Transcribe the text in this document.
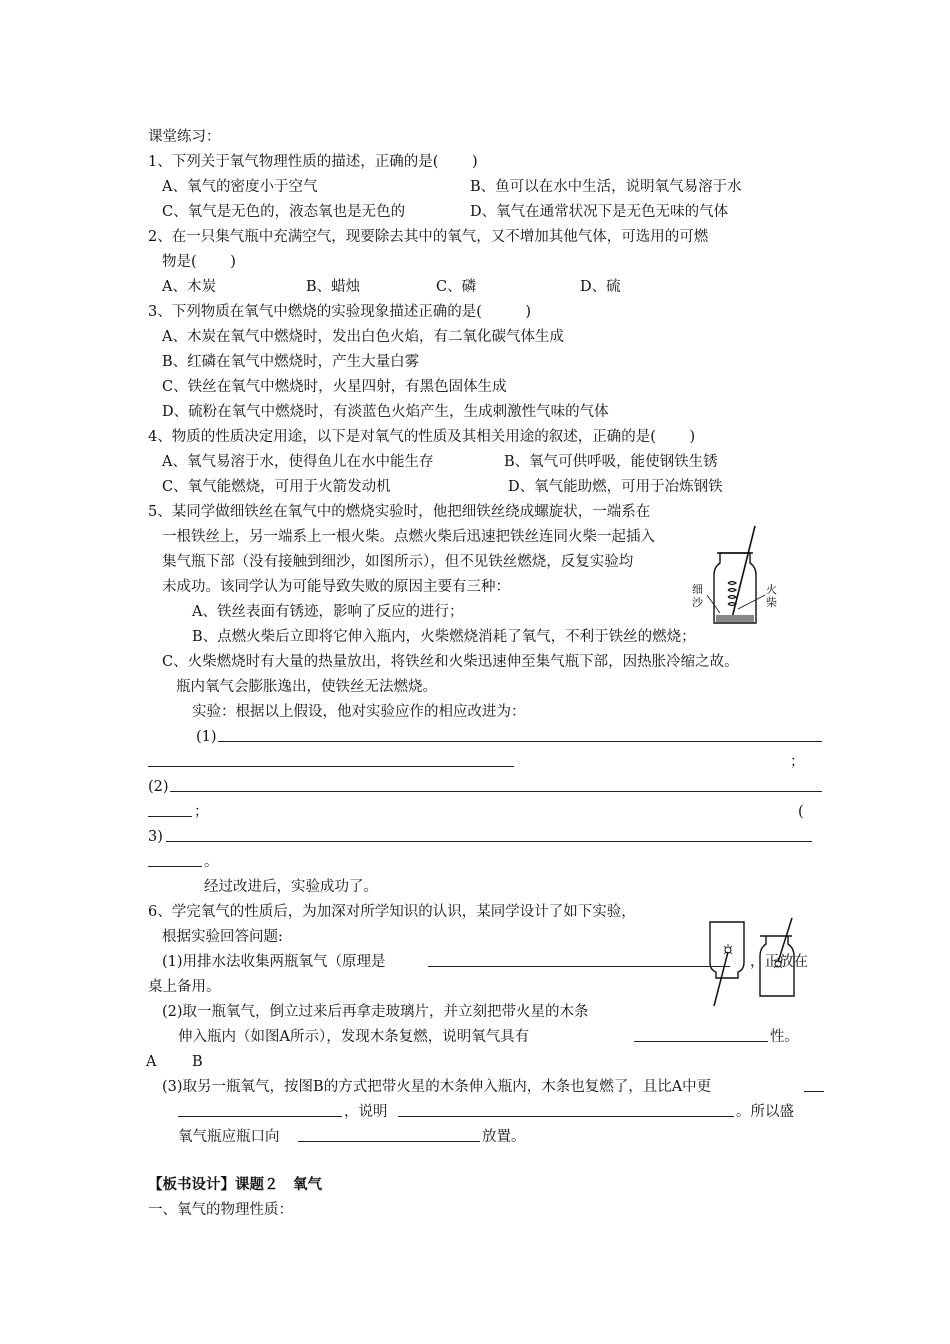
课堂练习：
1、下列关于氧气物理性质的描述，正确的是(　　 )
A、氧气的密度小于空气	B、鱼可以在水中生活，说明氧气易溶于水
C、氧气是无色的，液态氧也是无色的	D、氧气在通常状况下是无色无味的气体
2、在一只集气瓶中充满空气，现要除去其中的氧气，又不增加其他气体，可选用的可燃
物是(　　 )
A、木炭	B、蜡烛	C、磷	D、硫
3、下列物质在氧气中燃烧的实验现象描述正确的是(　　　)
A、木炭在氧气中燃烧时，发出白色火焰，有二氧化碳气体生成
B、红磷在氧气中燃烧时，产生大量白雾
C、铁丝在氧气中燃烧时，火星四射，有黑色固体生成
D、硫粉在氧气中燃烧时，有淡蓝色火焰产生，生成刺激性气味的气体
4、物质的性质决定用途，以下是对氧气的性质及其相关用途的叙述，正确的是(　　 )
A、氧气易溶于水，使得鱼儿在水中能生存	B、氧气可供呼吸，能使钢铁生锈
C、氧气能燃烧，可用于火箭发动机	D、氧气能助燃，可用于冶炼钢铁
5、某同学做细铁丝在氧气中的燃烧实验时，他把细铁丝绕成螺旋状，一端系在
一根铁丝上，另一端系上一根火柴。点燃火柴后迅速把铁丝连同火柴一起插入
集气瓶下部（没有接触到细沙，如图所示），但不见铁丝燃烧，反复实验均
未成功。该同学认为可能导致失败的原因主要有三种：
A、铁丝表面有锈迹，影响了反应的进行；
B、点燃火柴后立即将它伸入瓶内，火柴燃烧消耗了氧气，不利于铁丝的燃烧；
C、火柴燃烧时有大量的热量放出，将铁丝和火柴迅速伸至集气瓶下部，因热胀冷缩之故。
瓶内氧气会膨胀逸出，使铁丝无法燃烧。
实验：根据以上假设，他对实验应作的相应改进为：
细沙
火柴
(1)
；
(2)
；	(
3)
。
经过改进后，实验成功了。
6、学完氧气的性质后，为加深对所学知识的认识，某同学设计了如下实验，
根据实验回答问题:
(1)用排水法收集两瓶氧气（原理是	，正放在
桌上备用。
(2)取一瓶氧气，倒立过来后再拿走玻璃片，并立刻把带火星的木条
伸入瓶内（如图A所示），发现木条复燃，说明氧气具有	性。
A B
(3)取另一瓶氧气，按图B的方式把带火星的木条伸入瓶内，木条也复燃了，且比A中更
，说明	。所以盛
氧气瓶应瓶口向	放置。
【板书设计】课题２　氧气
一、氧气的物理性质：
